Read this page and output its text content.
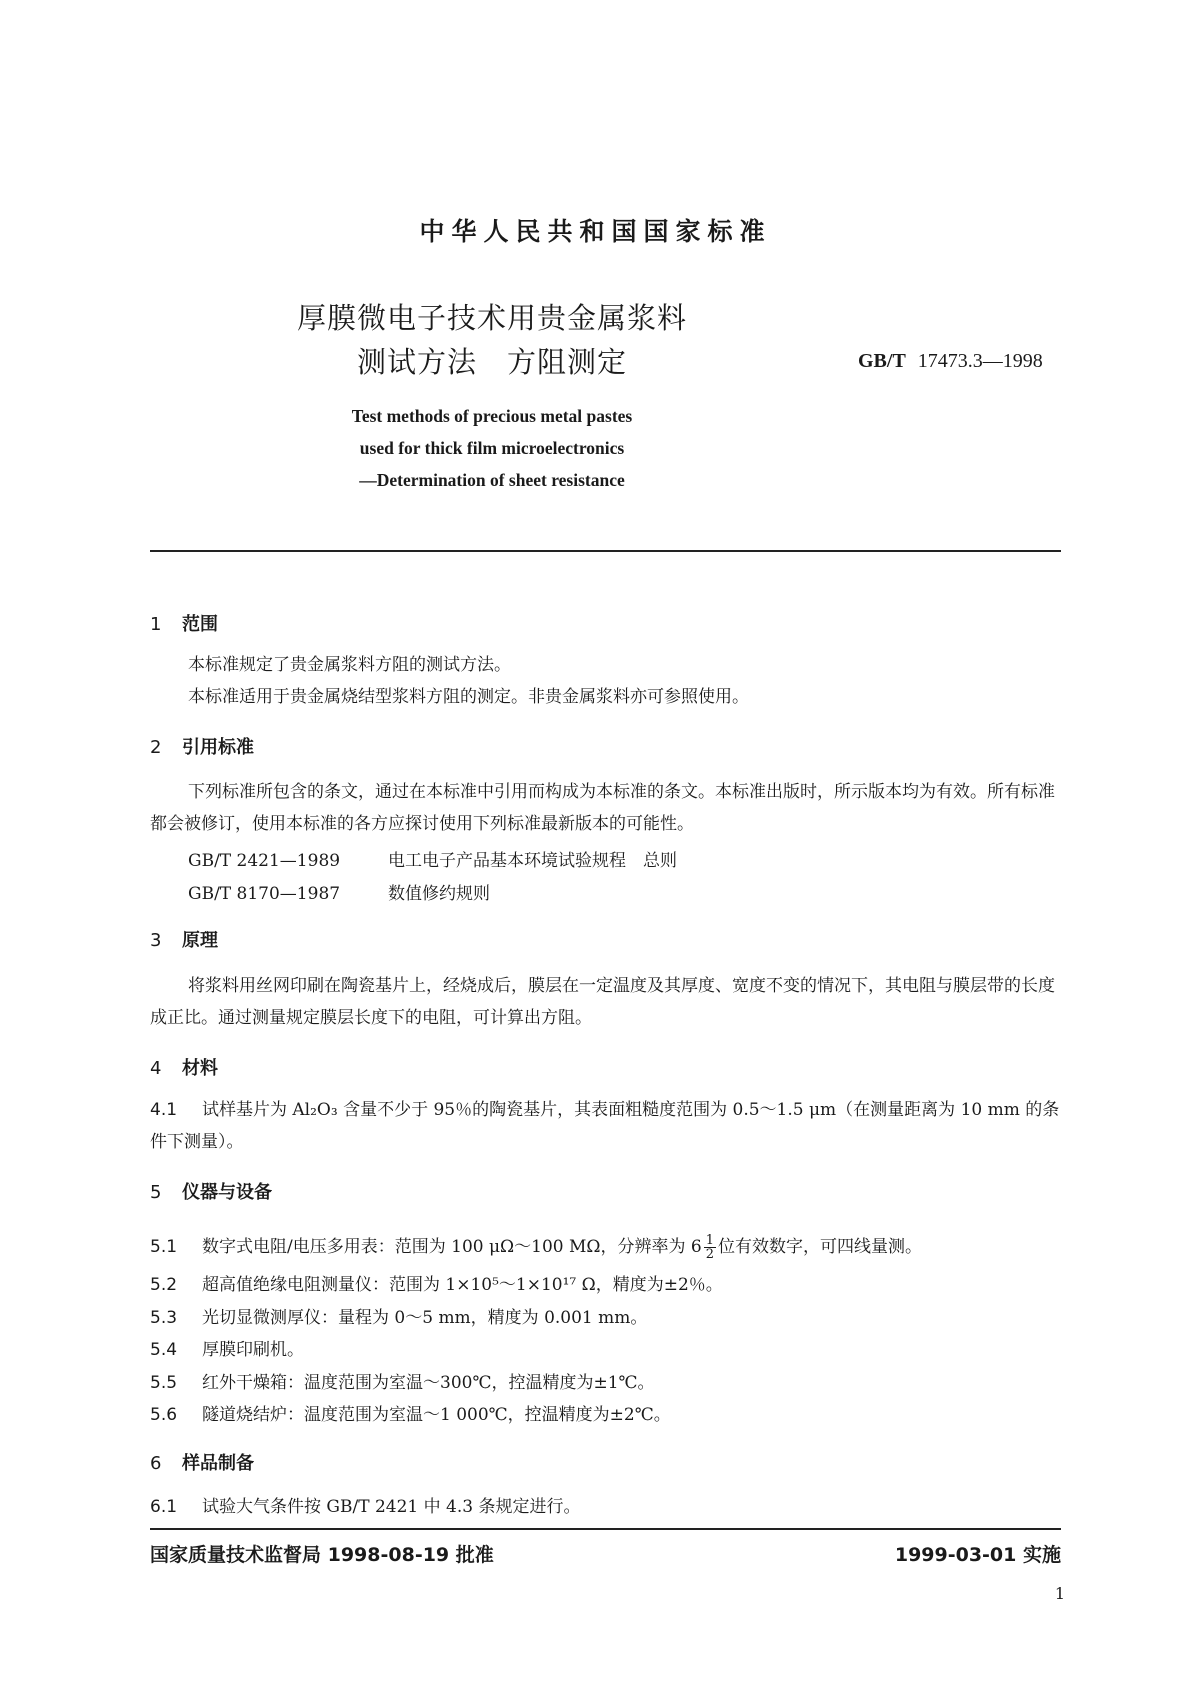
中华人民共和国国家标准
厚膜微电子技术用贵金属浆料
测试方法　方阻测定	GB/T 17473.3—1998
Test methods of precious metal pastes
used for thick film microelectronics
—Determination of sheet resistance
1 范围
本标准规定了贵金属浆料方阻的测试方法。
本标准适用于贵金属烧结型浆料方阻的测定。非贵金属浆料亦可参照使用。
2 引用标准
下列标准所包含的条文，通过在本标准中引用而构成为本标准的条文。本标准出版时，所示版本均为有效。所有标准都会被修订，使用本标准的各方应探讨使用下列标准最新版本的可能性。
GB/T 2421—1989	电工电子产品基本环境试验规程　总则
GB/T 8170—1987	数值修约规则
3 原理
将浆料用丝网印刷在陶瓷基片上，经烧成后，膜层在一定温度及其厚度、宽度不变的情况下，其电阻与膜层带的长度成正比。通过测量规定膜层长度下的电阻，可计算出方阻。
4 材料
4.1 试样基片为 Al₂O₃ 含量不少于 95％的陶瓷基片，其表面粗糙度范围为 0.5～1.5 μm（在测量距离为 10 mm 的条件下测量）。
5 仪器与设备
5.1 数字式电阻/电压多用表：范围为 100 μΩ～100 MΩ，分辨率为 $6 \frac{1}{2}$ 位有效数字，可四线量测。
5.2 超高值绝缘电阻测量仪：范围为 1×10⁵～1×10¹⁷ Ω，精度为±2％。
5.3 光切显微测厚仪：量程为 0～5 mm，精度为 0.001 mm。
5.4 厚膜印刷机。
5.5 红外干燥箱：温度范围为室温～300℃，控温精度为±1℃。
5.6 隧道烧结炉：温度范围为室温～1 000℃，控温精度为±2℃。
6 样品制备
6.1 试验大气条件按 GB/T 2421 中 4.3 条规定进行。
国家质量技术监督局 1998-08-19 批准	1999-03-01 实施
1
